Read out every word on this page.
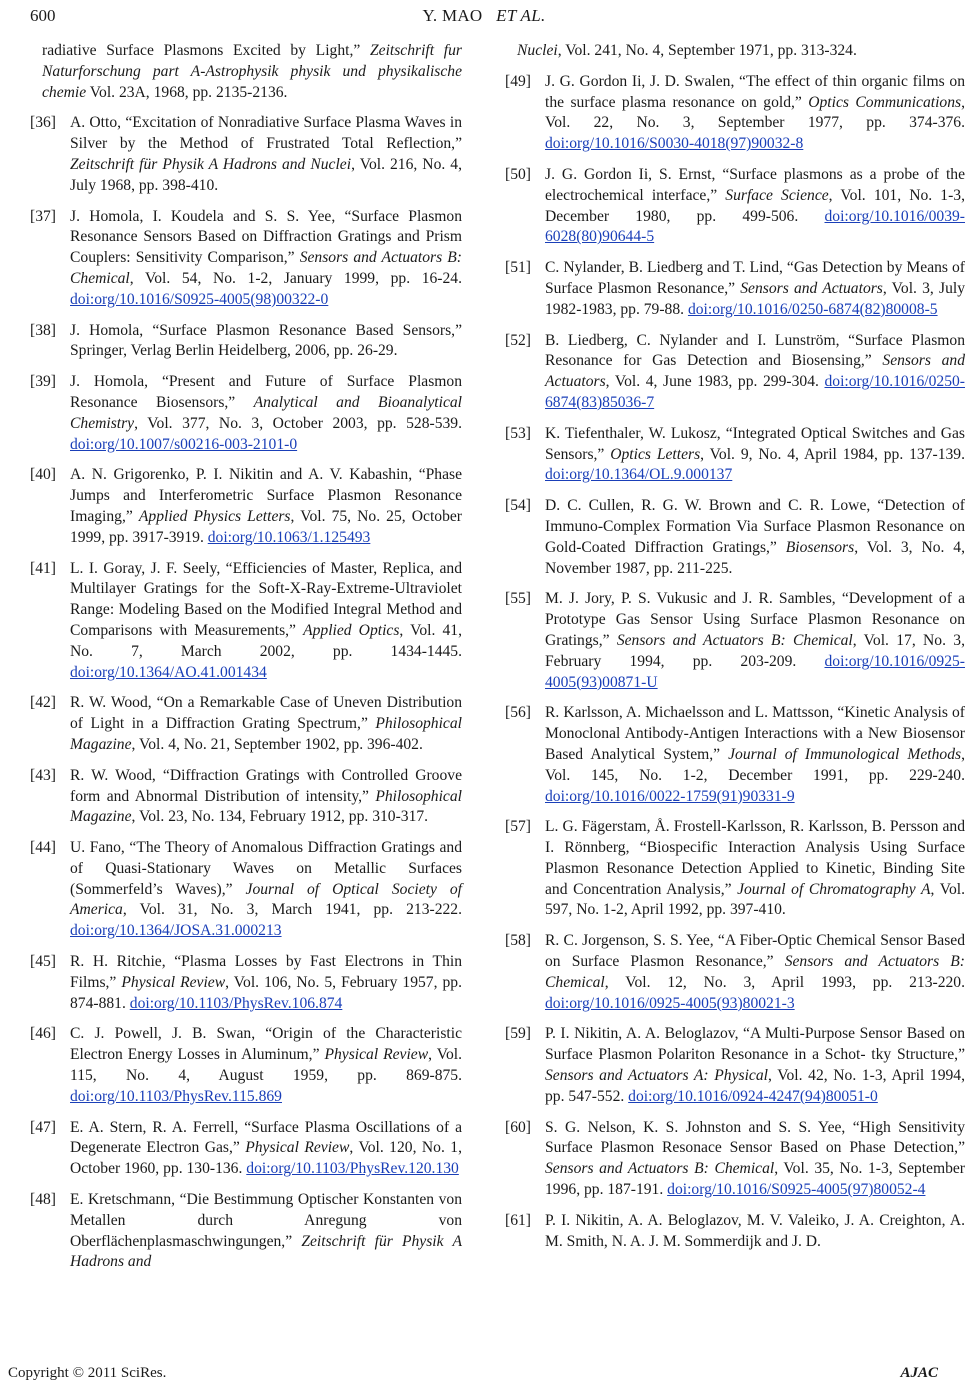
600	Y. MAO ET AL.
radiative Surface Plasmons Excited by Light,” Zeitschrift fur Naturforschung part A-Astrophysik physik und physikalische chemie Vol. 23A, 1968, pp. 2135-2136.
[36] A. Otto, “Excitation of Nonradiative Surface Plasma Waves in Silver by the Method of Frustrated Total Reflection,” Zeitschrift für Physik A Hadrons and Nuclei, Vol. 216, No. 4, July 1968, pp. 398-410.
[37] J. Homola, I. Koudela and S. S. Yee, “Surface Plasmon Resonance Sensors Based on Diffraction Gratings and Prism Couplers: Sensitivity Comparison,” Sensors and Actuators B: Chemical, Vol. 54, No. 1-2, January 1999, pp. 16-24. doi:org/10.1016/S0925-4005(98)00322-0
[38] J. Homola, “Surface Plasmon Resonance Based Sensors,” Springer, Verlag Berlin Heidelberg, 2006, pp. 26-29.
[39] J. Homola, “Present and Future of Surface Plasmon Resonance Biosensors,” Analytical and Bioanalytical Chemistry, Vol. 377, No. 3, October 2003, pp. 528-539. doi:org/10.1007/s00216-003-2101-0
[40] A. N. Grigorenko, P. I. Nikitin and A. V. Kabashin, “Phase Jumps and Interferometric Surface Plasmon Resonance Imaging,” Applied Physics Letters, Vol. 75, No. 25, October 1999, pp. 3917-3919. doi:org/10.1063/1.125493
[41] L. I. Goray, J. F. Seely, “Efficiencies of Master, Replica, and Multilayer Gratings for the Soft-X-Ray-Extreme-Ultraviolet Range: Modeling Based on the Modified Integral Method and Comparisons with Measurements,” Applied Optics, Vol. 41, No. 7, March 2002, pp. 1434-1445. doi:org/10.1364/AO.41.001434
[42] R. W. Wood, “On a Remarkable Case of Uneven Distribution of Light in a Diffraction Grating Spectrum,” Philosophical Magazine, Vol. 4, No. 21, September 1902, pp. 396-402.
[43] R. W. Wood, “Diffraction Gratings with Controlled Groove form and Abnormal Distribution of intensity,” Philosophical Magazine, Vol. 23, No. 134, February 1912, pp. 310-317.
[44] U. Fano, “The Theory of Anomalous Diffraction Gratings and of Quasi-Stationary Waves on Metallic Surfaces (Sommerfeld’s Waves),” Journal of Optical Society of America, Vol. 31, No. 3, March 1941, pp. 213-222. doi:org/10.1364/JOSA.31.000213
[45] R. H. Ritchie, “Plasma Losses by Fast Electrons in Thin Films,” Physical Review, Vol. 106, No. 5, February 1957, pp. 874-881. doi:org/10.1103/PhysRev.106.874
[46] C. J. Powell, J. B. Swan, “Origin of the Characteristic Electron Energy Losses in Aluminum,” Physical Review, Vol. 115, No. 4, August 1959, pp. 869-875. doi:org/10.1103/PhysRev.115.869
[47] E. A. Stern, R. A. Ferrell, “Surface Plasma Oscillations of a Degenerate Electron Gas,” Physical Review, Vol. 120, No. 1, October 1960, pp. 130-136. doi:org/10.1103/PhysRev.120.130
[48] E. Kretschmann, “Die Bestimmung Optischer Konstanten von Metallen durch Anregung von Oberflächenplasmaschwingungen,” Zeitschrift für Physik A Hadrons and
Nuclei, Vol. 241, No. 4, September 1971, pp. 313-324.
[49] J. G. Gordon Ii, J. D. Swalen, “The effect of thin organic films on the surface plasma resonance on gold,” Optics Communications, Vol. 22, No. 3, September 1977, pp. 374-376. doi:org/10.1016/S0030-4018(97)90032-8
[50] J. G. Gordon Ii, S. Ernst, “Surface plasmons as a probe of the electrochemical interface,” Surface Science, Vol. 101, No. 1-3, December 1980, pp. 499-506. doi:org/10.1016/0039-6028(80)90644-5
[51] C. Nylander, B. Liedberg and T. Lind, “Gas Detection by Means of Surface Plasmon Resonance,” Sensors and Actuators, Vol. 3, July 1982-1983, pp. 79-88. doi:org/10.1016/0250-6874(82)80008-5
[52] B. Liedberg, C. Nylander and I. Lunström, “Surface Plasmon Resonance for Gas Detection and Biosensing,” Sensors and Actuators, Vol. 4, June 1983, pp. 299-304. doi:org/10.1016/0250-6874(83)85036-7
[53] K. Tiefenthaler, W. Lukosz, “Integrated Optical Switches and Gas Sensors,” Optics Letters, Vol. 9, No. 4, April 1984, pp. 137-139. doi:org/10.1364/OL.9.000137
[54] D. C. Cullen, R. G. W. Brown and C. R. Lowe, “Detection of Immuno-Complex Formation Via Surface Plasmon Resonance on Gold-Coated Diffraction Gratings,” Biosensors, Vol. 3, No. 4, November 1987, pp. 211-225.
[55] M. J. Jory, P. S. Vukusic and J. R. Sambles, “Development of a Prototype Gas Sensor Using Surface Plasmon Resonance on Gratings,” Sensors and Actuators B: Chemical, Vol. 17, No. 3, February 1994, pp. 203-209. doi:org/10.1016/0925-4005(93)00871-U
[56] R. Karlsson, A. Michaelsson and L. Mattsson, “Kinetic Analysis of Monoclonal Antibody-Antigen Interactions with a New Biosensor Based Analytical System,” Journal of Immunological Methods, Vol. 145, No. 1-2, December 1991, pp. 229-240. doi:org/10.1016/0022-1759(91)90331-9
[57] L. G. Fägerstam, Å. Frostell-Karlsson, R. Karlsson, B. Persson and I. Rönnberg, “Biospecific Interaction Analysis Using Surface Plasmon Resonance Detection Applied to Kinetic, Binding Site and Concentration Analysis,” Journal of Chromatography A, Vol. 597, No. 1-2, April 1992, pp. 397-410.
[58] R. C. Jorgenson, S. S. Yee, “A Fiber-Optic Chemical Sensor Based on Surface Plasmon Resonance,” Sensors and Actuators B: Chemical, Vol. 12, No. 3, April 1993, pp. 213-220. doi:org/10.1016/0925-4005(93)80021-3
[59] P. I. Nikitin, A. A. Beloglazov, “A Multi-Purpose Sensor Based on Surface Plasmon Polariton Resonance in a Schot- tky Structure,” Sensors and Actuators A: Physical, Vol. 42, No. 1-3, April 1994, pp. 547-552. doi:org/10.1016/0924-4247(94)80051-0
[60] S. G. Nelson, K. S. Johnston and S. S. Yee, “High Sensitivity Surface Plasmon Resonace Sensor Based on Phase Detection,” Sensors and Actuators B: Chemical, Vol. 35, No. 1-3, September 1996, pp. 187-191. doi:org/10.1016/S0925-4005(97)80052-4
[61] P. I. Nikitin, A. A. Beloglazov, M. V. Valeiko, J. A. Creighton, A. M. Smith, N. A. J. M. Sommerdijk and J. D.
Copyright © 2011 SciRes.	AJAC
